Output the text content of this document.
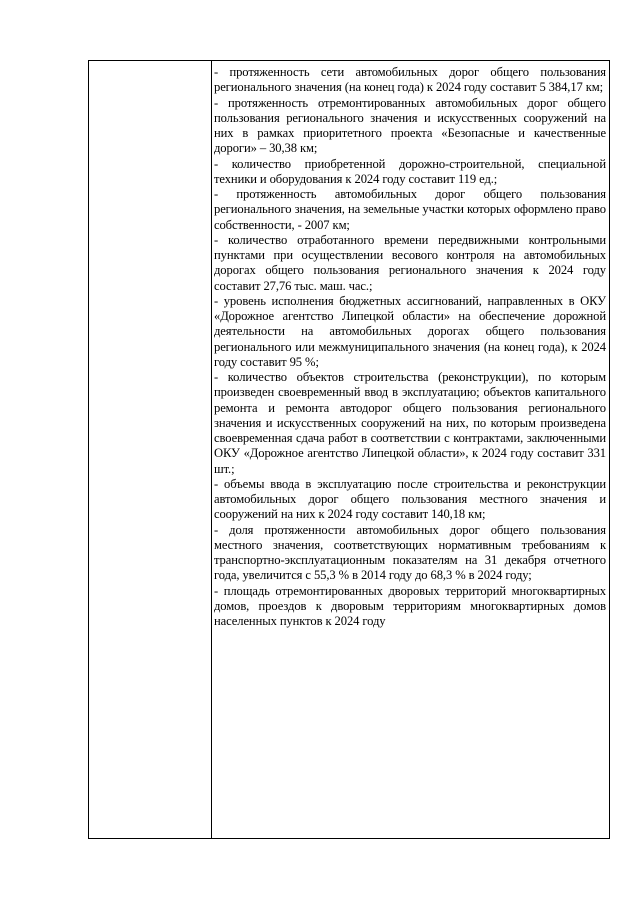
- протяженность сети автомобильных дорог общего пользования регионального значения (на конец года) к 2024 году составит 5 384,17 км;

- протяженность отремонтированных автомобильных дорог общего пользования регионального значения и искусственных сооружений на них в рамках приоритетного проекта «Безопасные и качественные дороги» – 30,38 км;

- количество приобретенной дорожно-строительной, специальной техники и оборудования к 2024 году составит 119 ед.;

- протяженность автомобильных дорог общего пользования регионального значения, на земельные участки которых оформлено право собственности, - 2007 км;

- количество отработанного времени передвижными контрольными пунктами при осуществлении весового контроля на автомобильных дорогах общего пользования регионального значения к 2024 году составит 27,76 тыс. маш. час.;

- уровень исполнения бюджетных ассигнований, направленных в ОКУ «Дорожное агентство Липецкой области» на обеспечение дорожной деятельности на автомобильных дорогах общего пользования регионального или межмуниципального значения (на конец года), к 2024 году составит 95 %;

- количество объектов строительства (реконструкции), по которым произведен своевременный ввод в эксплуатацию; объектов капитального ремонта и ремонта автодорог общего пользования регионального значения и искусственных сооружений на них, по которым произведена своевременная сдача работ в соответствии с контрактами, заключенными ОКУ «Дорожное агентство Липецкой области», к 2024 году составит 331 шт.;

- объемы ввода в эксплуатацию после строительства и реконструкции автомобильных дорог общего пользования местного значения и сооружений на них к 2024 году составит 140,18 км;

- доля протяженности автомобильных дорог общего пользования местного значения, соответствующих нормативным требованиям к транспортно-эксплуатационным показателям на 31 декабря отчетного года, увеличится с 55,3 % в 2014 году до 68,3 % в 2024 году;

- площадь отремонтированных дворовых территорий многоквартирных домов, проездов к дворовым территориям многоквартирных домов населенных пунктов к 2024 году
